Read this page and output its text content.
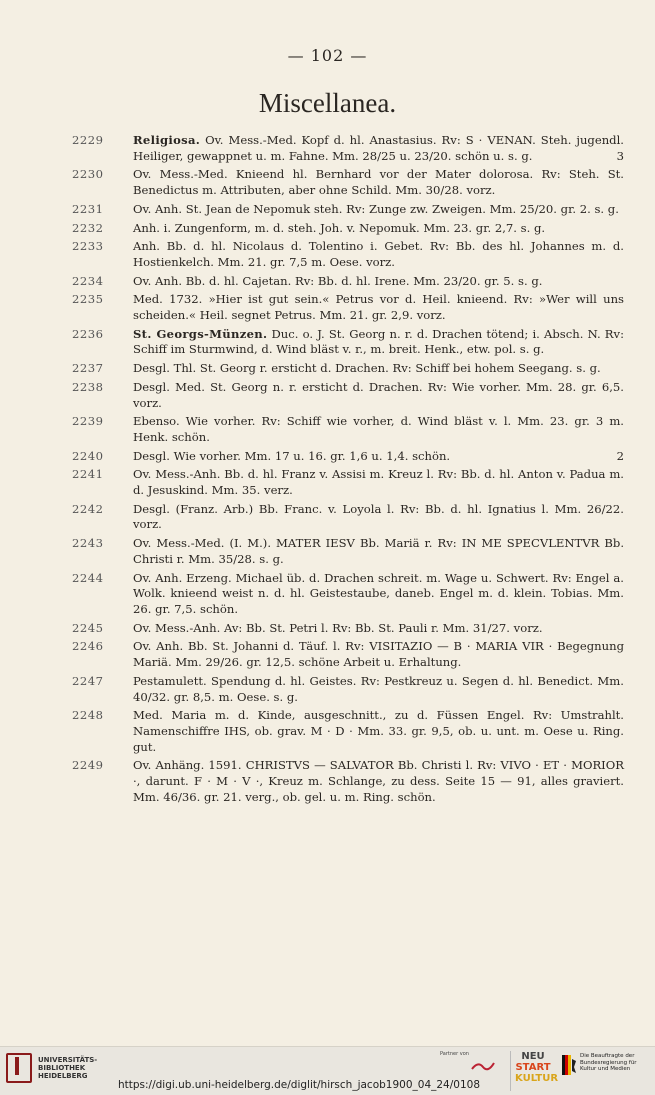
— 102 —
Miscellanea.
2229	Religiosa. Ov. Mess.-Med. Kopf d. hl. Anastasius. Rv: S · VENAN. Steh. jugendl. Heiliger, gewappnet u. m. Fahne. Mm. 28/25 u. 23/20. schön u. s. g.	3
2230	Ov. Mess.-Med. Knieend hl. Bernhard vor der Mater dolorosa. Rv: Steh. St. Benedictus m. Attributen, aber ohne Schild. Mm. 30/28. vorz.
2231	Ov. Anh. St. Jean de Nepomuk steh. Rv: Zunge zw. Zweigen. Mm. 25/20. gr. 2. s. g.
2232	Anh. i. Zungenform, m. d. steh. Joh. v. Nepomuk. Mm. 23. gr. 2,7. s. g.
2233	Anh. Bb. d. hl. Nicolaus d. Tolentino i. Gebet. Rv: Bb. des hl. Johannes m. d. Hostienkelch. Mm. 21. gr. 7,5 m. Oese. vorz.
2234	Ov. Anh. Bb. d. hl. Cajetan. Rv: Bb. d. hl. Irene. Mm. 23/20. gr. 5. s. g.
2235	Med. 1732. »Hier ist gut sein.« Petrus vor d. Heil. knieend. Rv: »Wer will uns scheiden.« Heil. segnet Petrus. Mm. 21. gr. 2,9. vorz.
2236	St. Georgs-Münzen. Duc. o. J. St. Georg n. r. d. Drachen tötend; i. Absch. N. Rv: Schiff im Sturmwind, d. Wind bläst v. r., m. breit. Henk., etw. pol. s. g.
2237	Desgl. Thl. St. Georg r. ersticht d. Drachen. Rv: Schiff bei hohem Seegang. s. g.
2238	Desgl. Med. St. Georg n. r. ersticht d. Drachen. Rv: Wie vorher. Mm. 28. gr. 6,5. vorz.
2239	Ebenso. Wie vorher. Rv: Schiff wie vorher, d. Wind bläst v. l. Mm. 23. gr. 3 m. Henk. schön.
2240	Desgl. Wie vorher. Mm. 17 u. 16. gr. 1,6 u. 1,4. schön.	2
2241	Ov. Mess.-Anh. Bb. d. hl. Franz v. Assisi m. Kreuz l. Rv: Bb. d. hl. Anton v. Padua m. d. Jesuskind. Mm. 35. verz.
2242	Desgl. (Franz. Arb.) Bb. Franc. v. Loyola l. Rv: Bb. d. hl. Ignatius l. Mm. 26/22. vorz.
2243	Ov. Mess.-Med. (I. M.). MATER IESV Bb. Mariä r. Rv: IN ME SPECVLENTVR Bb. Christi r. Mm. 35/28. s. g.
2244	Ov. Anh. Erzeng. Michael üb. d. Drachen schreit. m. Wage u. Schwert. Rv: Engel a. Wolk. knieend weist n. d. hl. Geistestaube, daneb. Engel m. d. klein. Tobias. Mm. 26. gr. 7,5. schön.
2245	Ov. Mess.-Anh. Av: Bb. St. Petri l. Rv: Bb. St. Pauli r. Mm. 31/27. vorz.
2246	Ov. Anh. Bb. St. Johanni d. Täuf. l. Rv: VISITAZIO — B · MARIA VIR · Begegnung Mariä. Mm. 29/26. gr. 12,5. schöne Arbeit u. Erhaltung.
2247	Pestamulett. Spendung d. hl. Geistes. Rv: Pestkreuz u. Segen d. hl. Benedict. Mm. 40/32. gr. 8,5. m. Oese. s. g.
2248	Med. Maria m. d. Kinde, ausgeschnitt., zu d. Füssen Engel. Rv: Umstrahlt. Namenschiffre IHS, ob. grav. M · D · Mm. 33. gr. 9,5, ob. u. unt. m. Oese u. Ring. gut.
2249	Ov. Anhäng. 1591. CHRISTVS — SALVATOR Bb. Christi l. Rv: VIVO · ET · MORIOR ·, darunt. F · M · V ·, Kreuz m. Schlange, zu dess. Seite 15 — 91, alles graviert. Mm. 46/36. gr. 21. verg., ob. gel. u. m. Ring. schön.
UNIVERSITÄTS-
BIBLIOTHEK
HEIDELBERG
https://digi.ub.uni-heidelberg.de/diglit/hirsch_jacob1900_04_24/0108
Partner von	NEU
START
KULTUR
Die Beauftragte der Bundesregierung für Kultur und Medien
